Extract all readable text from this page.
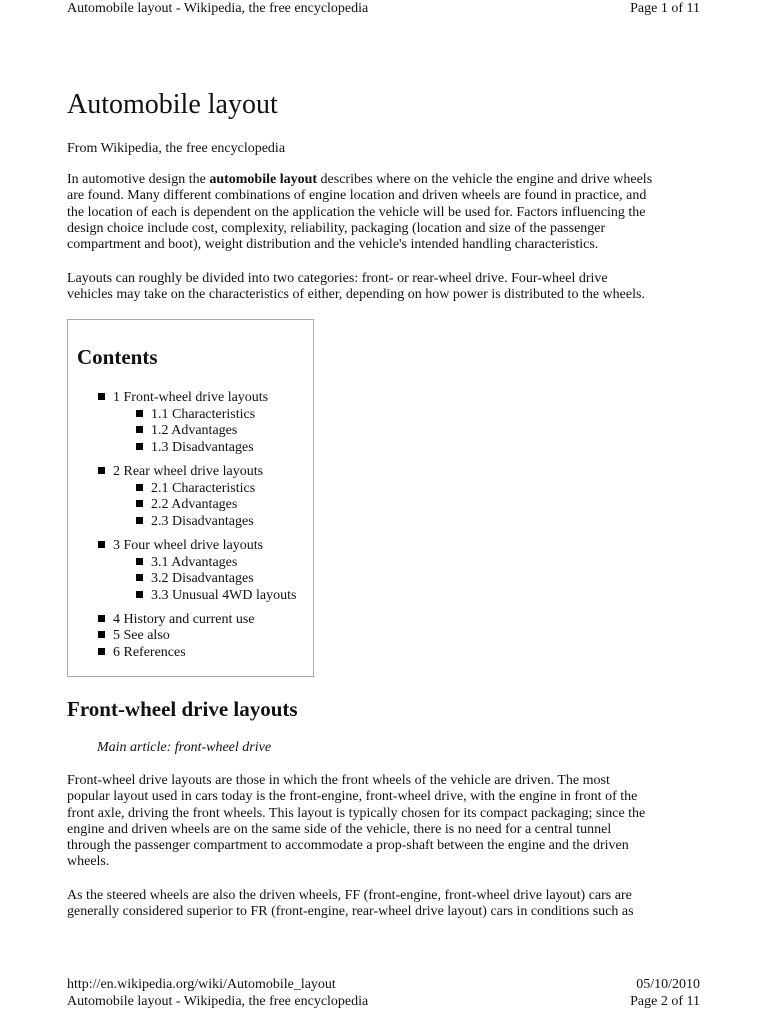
Automobile layout - Wikipedia, the free encyclopedia	Page 1 of 11
Automobile layout
From Wikipedia, the free encyclopedia
In automotive design the automobile layout describes where on the vehicle the engine and drive wheels
are found. Many different combinations of engine location and driven wheels are found in practice, and
the location of each is dependent on the application the vehicle will be used for. Factors influencing the
design choice include cost, complexity, reliability, packaging (location and size of the passenger
compartment and boot), weight distribution and the vehicle's intended handling characteristics.
Layouts can roughly be divided into two categories: front- or rear-wheel drive. Four-wheel drive
vehicles may take on the characteristics of either, depending on how power is distributed to the wheels.
Contents
1 Front-wheel drive layouts
1.1 Characteristics
1.2 Advantages
1.3 Disadvantages
2 Rear wheel drive layouts
2.1 Characteristics
2.2 Advantages
2.3 Disadvantages
3 Four wheel drive layouts
3.1 Advantages
3.2 Disadvantages
3.3 Unusual 4WD layouts
4 History and current use
5 See also
6 References
Front-wheel drive layouts
Main article: front-wheel drive
Front-wheel drive layouts are those in which the front wheels of the vehicle are driven. The most
popular layout used in cars today is the front-engine, front-wheel drive, with the engine in front of the
front axle, driving the front wheels. This layout is typically chosen for its compact packaging; since the
engine and driven wheels are on the same side of the vehicle, there is no need for a central tunnel
through the passenger compartment to accommodate a prop-shaft between the engine and the driven
wheels.
As the steered wheels are also the driven wheels, FF (front-engine, front-wheel drive layout) cars are
generally considered superior to FR (front-engine, rear-wheel drive layout) cars in conditions such as
http://en.wikipedia.org/wiki/Automobile_layout	05/10/2010
Automobile layout - Wikipedia, the free encyclopedia	Page 2 of 11
